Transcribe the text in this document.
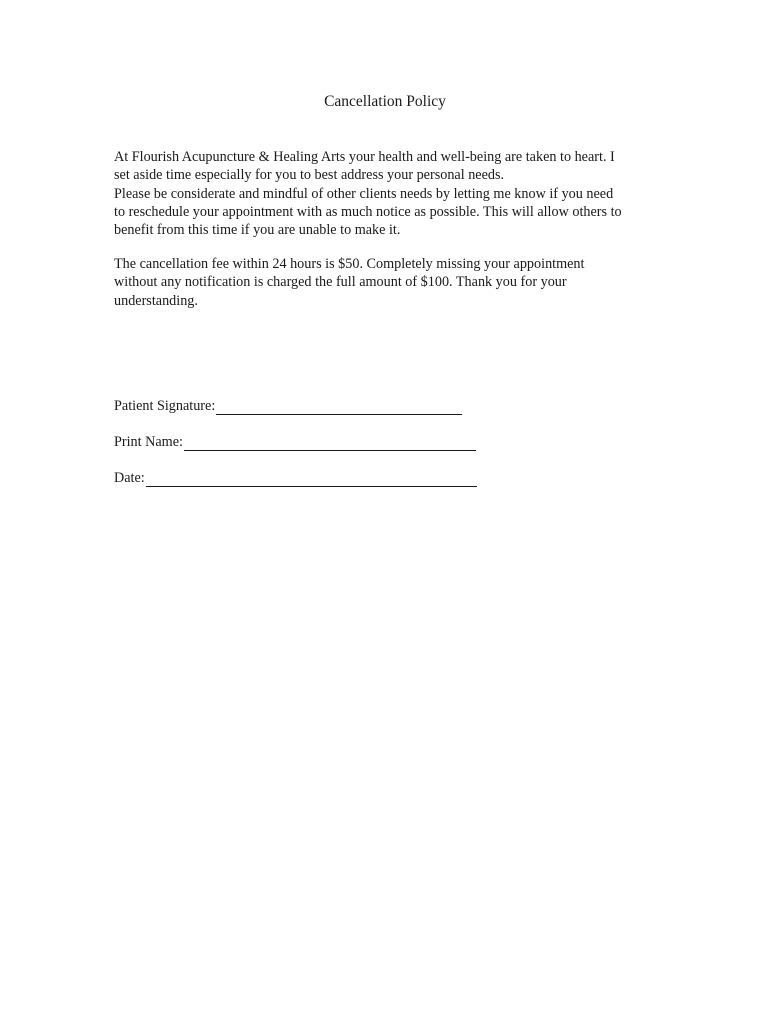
Cancellation Policy
At Flourish Acupuncture & Healing Arts your health and well-being are taken to heart. I
set aside time especially for you to best address your personal needs.
Please be considerate and mindful of other clients needs by letting me know if you need
to reschedule your appointment with as much notice as possible. This will allow others to
benefit from this time if you are unable to make it.
The cancellation fee within 24 hours is $50. Completely missing your appointment
without any notification is charged the full amount of $100. Thank you for your
understanding.
Patient Signature:
Print Name:
Date:
